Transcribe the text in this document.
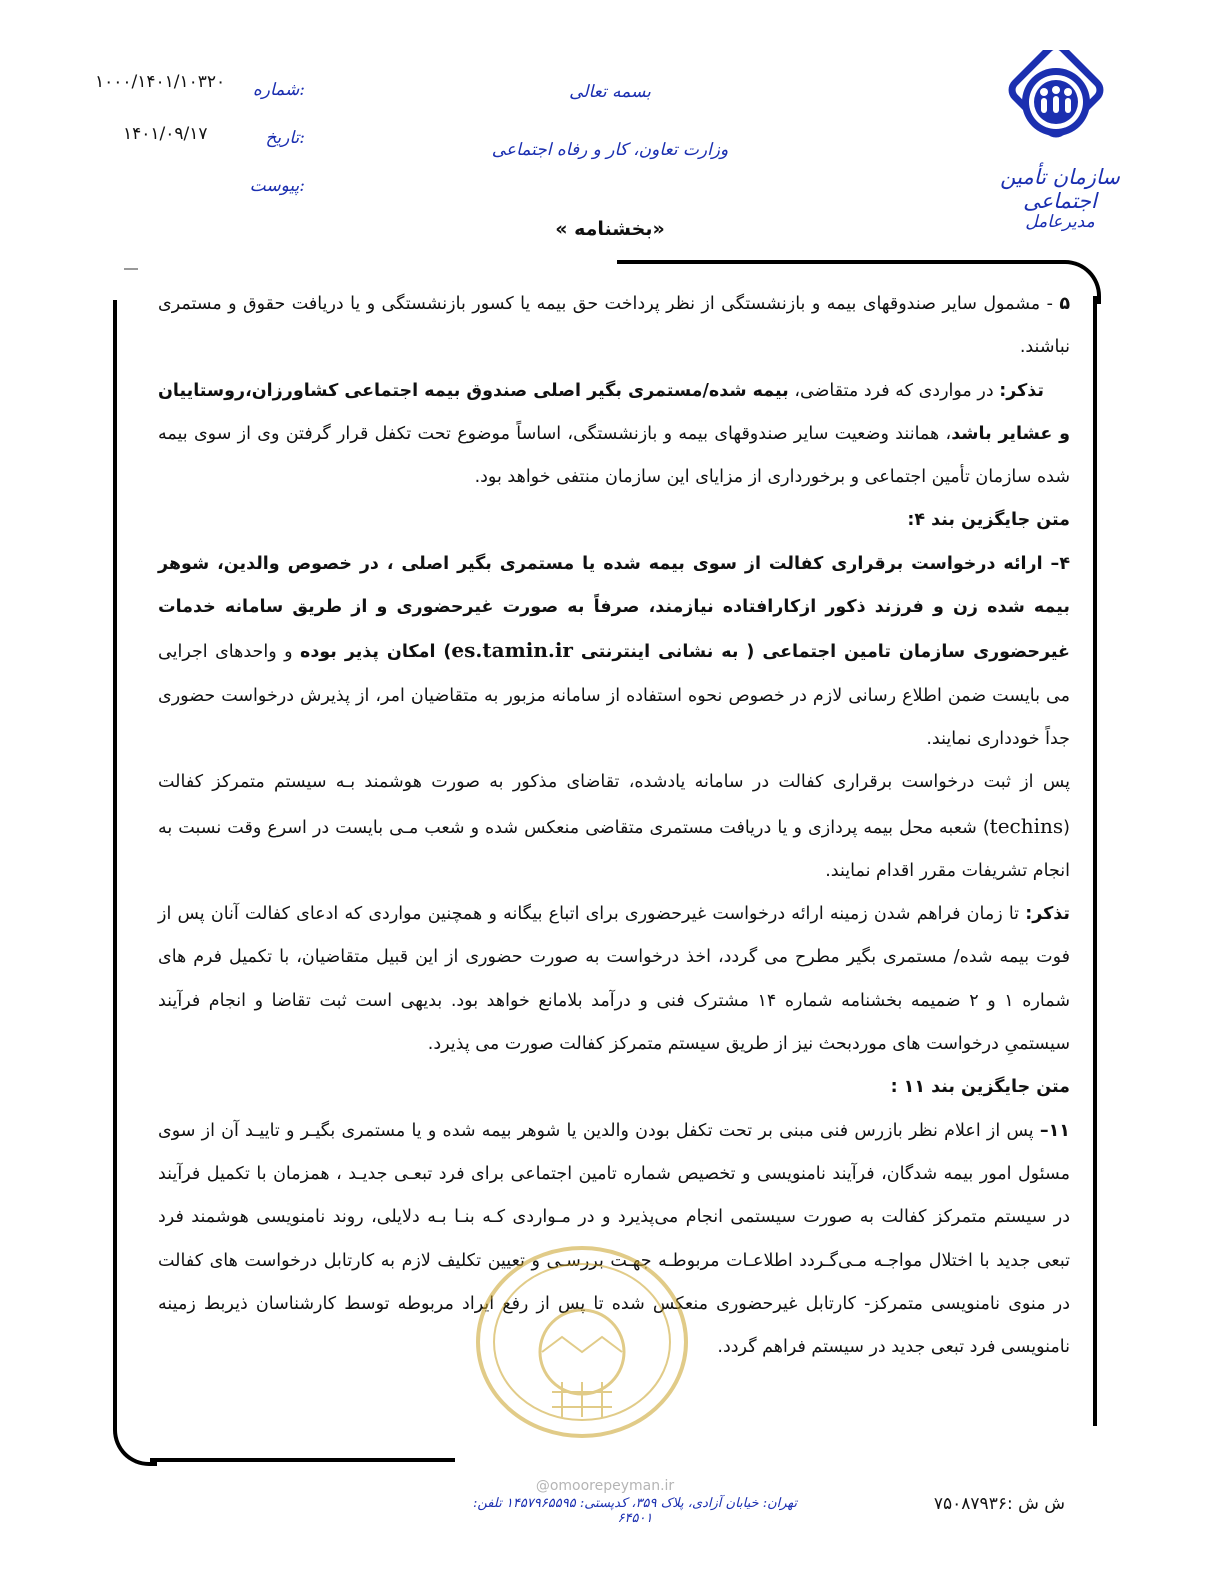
سازمان تأمین اجتماعی
مدیرعامل
بسمه تعالی
وزارت تعاون، کار و رفاه اجتماعی
شماره:
۱۰۰۰/۱۴۰۱/۱۰۳۲۰
تاریخ:
۱۴۰۱/۰۹/۱۷
پیوست:
«بخشنامه »

۵ - مشمول سایر صندوقهای بیمه و بازنشستگی از نظر پرداخت حق بیمه یا کسور بازنشستگی و یا دریافت حقوق و مستمری نباشند.

تذکر: در مواردی که فرد متقاضی، بیمه شده/مستمری بگیر اصلی صندوق بیمه اجتماعی کشاورزان،روستاییان و عشایر باشد، همانند وضعیت سایر صندوقهای بیمه و بازنشستگی، اساساً موضوع تحت تکفل قرار گرفتن وی از سوی بیمه شده سازمان تأمین اجتماعی و برخورداری از مزایای این سازمان منتفی خواهد بود.

متن جایگزین بند ۴:

۴– ارائه درخواست برقراری کفالت از سوی بیمه شده یا مستمری بگیر اصلی ، در خصوص والدین، شوهر بیمه شده زن و فرزند ذکور ازکارافتاده نیازمند، صرفاً به صورت غیرحضوری و از طریق سامانه خدمات غیرحضوری سازمان تامین اجتماعی ( به نشانی اینترنتی es.tamin.ir) امکان پذیر بوده و واحدهای اجرایی می بایست ضمن اطلاع رسانی لازم در خصوص نحوه استفاده از سامانه مزبور به متقاضیان امر، از پذیرش درخواست حضوری جداً خودداری نمایند.

پس از ثبت درخواست برقراری کفالت در سامانه یادشده، تقاضای مذکور به صورت هوشمند بـه سیستم متمرکز کفالت (techins) شعبه محل بیمه پردازی و یا دریافت مستمری متقاضی منعکس شده و شعب مـی بایست در اسرع وقت نسبت به انجام تشریفات مقرر اقدام نمایند.

تذکر: تا زمان فراهم شدن زمینه ارائه درخواست غیرحضوری برای اتباع بیگانه و همچنین مواردی که ادعای کفالت آنان پس از فوت بیمه شده/ مستمری بگیر مطرح می گردد، اخذ درخواست به صورت حضوری از این قبیل متقاضیان، با تکمیل فرم های شماره ۱ و ۲ ضمیمه بخشنامه شماره ۱۴ مشترک فنی و درآمد بلامانع خواهد بود. بدیهی است ثبت تقاضا و انجام فرآیند سیستمیِ درخواست های موردبحث نیز از طریق سیستم متمرکز کفالت صورت می پذیرد.

متن جایگزین بند ۱۱ :

۱۱– پس از اعلام نظر بازرس فنی مبنی بر تحت تکفل بودن والدین یا شوهر بیمه شده و یا مستمری بگیـر و تاییـد آن از سوی مسئول امور بیمه شدگان، فرآیند نامنویسی و تخصیص شماره تامین اجتماعی برای فرد تبعـی جدیـد ، همزمان با تکمیل فرآیند در سیستم متمرکز کفالت به صورت سیستمی انجام می‌پذیرد و در مـواردی کـه بنـا بـه دلایلی، روند نامنویسی هوشمند فرد تبعی جدید با اختلال مواجـه مـی‌گـردد اطلاعـات مربوطـه جهـت بررسـی و تعیین تکلیف لازم به کارتابل درخواست های کفالت در منوی نامنویسی متمرکز- کارتابل غیرحضوری منعکس شده تا پس از رفع ایراد مربوطه توسط کارشناسان ذیربط زمینه نامنویسی فرد تبعی جدید در سیستم فراهم گردد.

@omoorepeyman.ir
تهران: خیابان آزادی، پلاک ۳۵۹، کدپستی: ۱۴۵۷۹۶۵۵۹۵ تلفن: ۶۴۵۰۱
ش ش :۷۵۰۸۷۹۳۶
